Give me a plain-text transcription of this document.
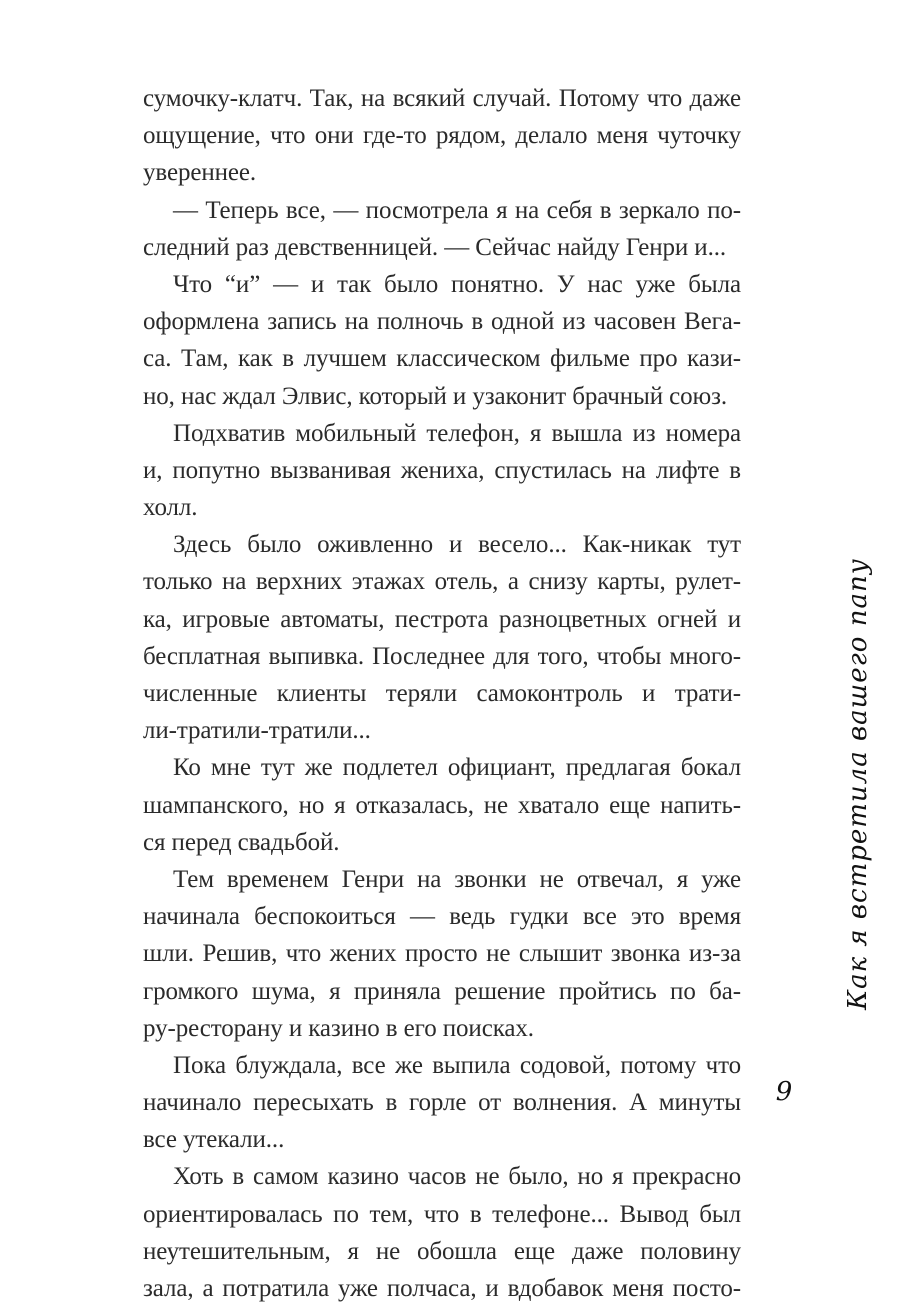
сумочку-клатч. Так, на всякий случай. Потому что даже
ощущение, что они где-то рядом, делало меня чуточку
увереннее.
— Теперь все, — посмотрела я на себя в зеркало по-
следний раз девственницей. — Сейчас найду Генри и...
Что “и” — и так было понятно. У нас уже была
оформлена запись на полночь в одной из часовен Вега-
са. Там, как в лучшем классическом фильме про кази-
но, нас ждал Элвис, который и узаконит брачный союз.
Подхватив мобильный телефон, я вышла из номера
и, попутно вызванивая жениха, спустилась на лифте в
холл.
Здесь было оживленно и весело... Как-никак тут
только на верхних этажах отель, а снизу карты, рулет-
ка, игровые автоматы, пестрота разноцветных огней и
бесплатная выпивка. Последнее для того, чтобы много-
численные клиенты теряли самоконтроль и трати-
ли-тратили-тратили...
Ко мне тут же подлетел официант, предлагая бокал
шампанского, но я отказалась, не хватало еще напить-
ся перед свадьбой.
Тем временем Генри на звонки не отвечал, я уже
начинала беспокоиться — ведь гудки все это время
шли. Решив, что жених просто не слышит звонка из-за
громкого шума, я приняла решение пройтись по ба-
ру-ресторану и казино в его поисках.
Пока блуждала, все же выпила содовой, потому что
начинало пересыхать в горле от волнения. А минуты
все утекали...
Хоть в самом казино часов не было, но я прекрасно
ориентировалась по тем, что в телефоне... Вывод был
неутешительным, я не обошла еще даже половину
зала, а потратила уже полчаса, и вдобавок меня посто-
Как я встретила вашего папу
9
